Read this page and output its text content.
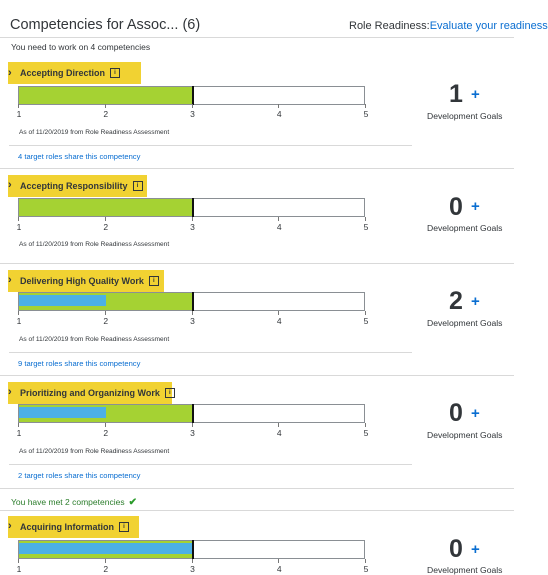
Competencies for Assoc... (6)	Role Readiness:Evaluate your readiness
You need to work on 4 competencies
› Accepting Direction i
As of 11/20/2019 from Role Readiness Assessment
4 target roles share this competency
1 +
Development Goals
› Accepting Responsibility i
As of 11/20/2019 from Role Readiness Assessment
0 +
Development Goals
› Delivering High Quality Work i
As of 11/20/2019 from Role Readiness Assessment
9 target roles share this competency
2 +
Development Goals
› Prioritizing and Organizing Work i
As of 11/20/2019 from Role Readiness Assessment
2 target roles share this competency
0 +
Development Goals
You have met 2 competencies ✔
› Acquiring Information i
0 +
Development Goals
1	2	3	4	5
1	2	3	4	5
1	2	3	4	5
1	2	3	4	5
1	2	3	4	5
